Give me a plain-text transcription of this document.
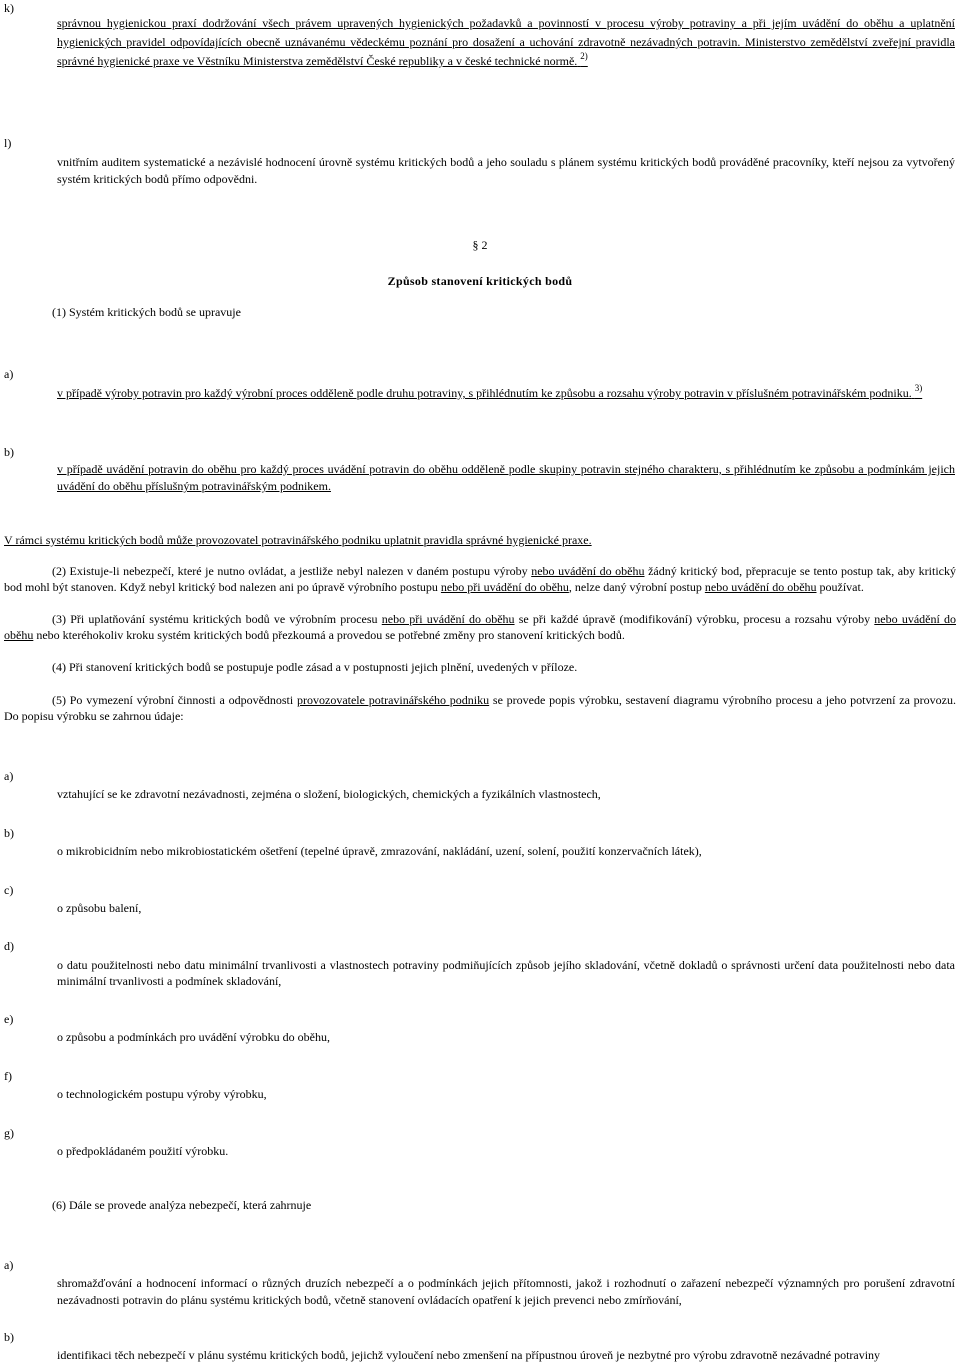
k)

správnou hygienickou praxí dodržování všech právem upravených hygienických požadavků a povinností v procesu výroby potraviny a při jejím uvádění do oběhu a uplatnění hygienických pravidel odpovídajících obecně uznávanému vědeckému poznání pro dosažení a uchování zdravotně nezávadných potravin. Ministerstvo zemědělství zveřejní pravidla správné hygienické praxe ve Věstníku Ministerstva zemědělství České republiky a v české technické normě. $^{2)}$

l)

vnitřním auditem systematické a nezávislé hodnocení úrovně systému kritických bodů a jeho souladu s plánem systému kritických bodů prováděné pracovníky, kteří nejsou za vytvořený systém kritických bodů přímo odpovědni.

§ 2
Způsob stanovení kritických bodů
(1) Systém kritických bodů se upravuje
a)

v případě výroby potravin pro každý výrobní proces odděleně podle druhu potraviny, s přihlédnutím ke způsobu a rozsahu výroby potravin v příslušném potravinářském podniku. $^{3)}$

b)

v případě uvádění potravin do oběhu pro každý proces uvádění potravin do oběhu odděleně podle skupiny potravin stejného charakteru, s přihlédnutím ke způsobu a podmínkám jejich uvádění do oběhu příslušným potravinářským podnikem.

V rámci systému kritických bodů může provozovatel potravinářského podniku uplatnit pravidla správné hygienické praxe.

(2) Existuje-li nebezpečí, které je nutno ovládat, a jestliže nebyl nalezen v daném postupu výroby nebo uvádění do oběhu žádný kritický bod, přepracuje se tento postup tak, aby kritický bod mohl být stanoven. Když nebyl kritický bod nalezen ani po úpravě výrobního postupu nebo při uvádění do oběhu, nelze daný výrobní postup nebo uvádění do oběhu používat.

(3) Při uplatňování systému kritických bodů ve výrobním procesu nebo při uvádění do oběhu se při každé úpravě (modifikování) výrobku, procesu a rozsahu výroby nebo uvádění do oběhu nebo kteréhokoliv kroku systém kritických bodů přezkoumá a provedou se potřebné změny pro stanovení kritických bodů.

(4) Při stanovení kritických bodů se postupuje podle zásad a v postupnosti jejich plnění, uvedených v příloze.

(5) Po vymezení výrobní činnosti a odpovědnosti provozovatele potravinářského podniku se provede popis výrobku, sestavení diagramu výrobního procesu a jeho potvrzení za provozu. Do popisu výrobku se zahrnou údaje:

a)

vztahující se ke zdravotní nezávadnosti, zejména o složení, biologických, chemických a fyzikálních vlastnostech,

b)

o mikrobicidním nebo mikrobiostatickém ošetření (tepelné úpravě, zmrazování, nakládání, uzení, solení, použití konzervačních látek),

c)

o způsobu balení,

d)

o datu použitelnosti nebo datu minimální trvanlivosti a vlastnostech potraviny podmiňujících způsob jejího skladování, včetně dokladů o správnosti určení data použitelnosti nebo data minimální trvanlivosti a podmínek skladování,

e)

o způsobu a podmínkách pro uvádění výrobku do oběhu,

f)

o technologickém postupu výroby výrobku,

g)

o předpokládaném použití výrobku.

(6) Dále se provede analýza nebezpečí, která zahrnuje
a)

shromažďování a hodnocení informací o různých druzích nebezpečí a o podmínkách jejich přítomnosti, jakož i rozhodnutí o zařazení nebezpečí významných pro porušení zdravotní nezávadnosti potravin do plánu systému kritických bodů, včetně stanovení ovládacích opatření k jejich prevenci nebo zmírňování,

b)

identifikaci těch nebezpečí v plánu systému kritických bodů, jejichž vyloučení nebo zmenšení na přípustnou úroveň je nezbytné pro výrobu zdravotně nezávadné potraviny
